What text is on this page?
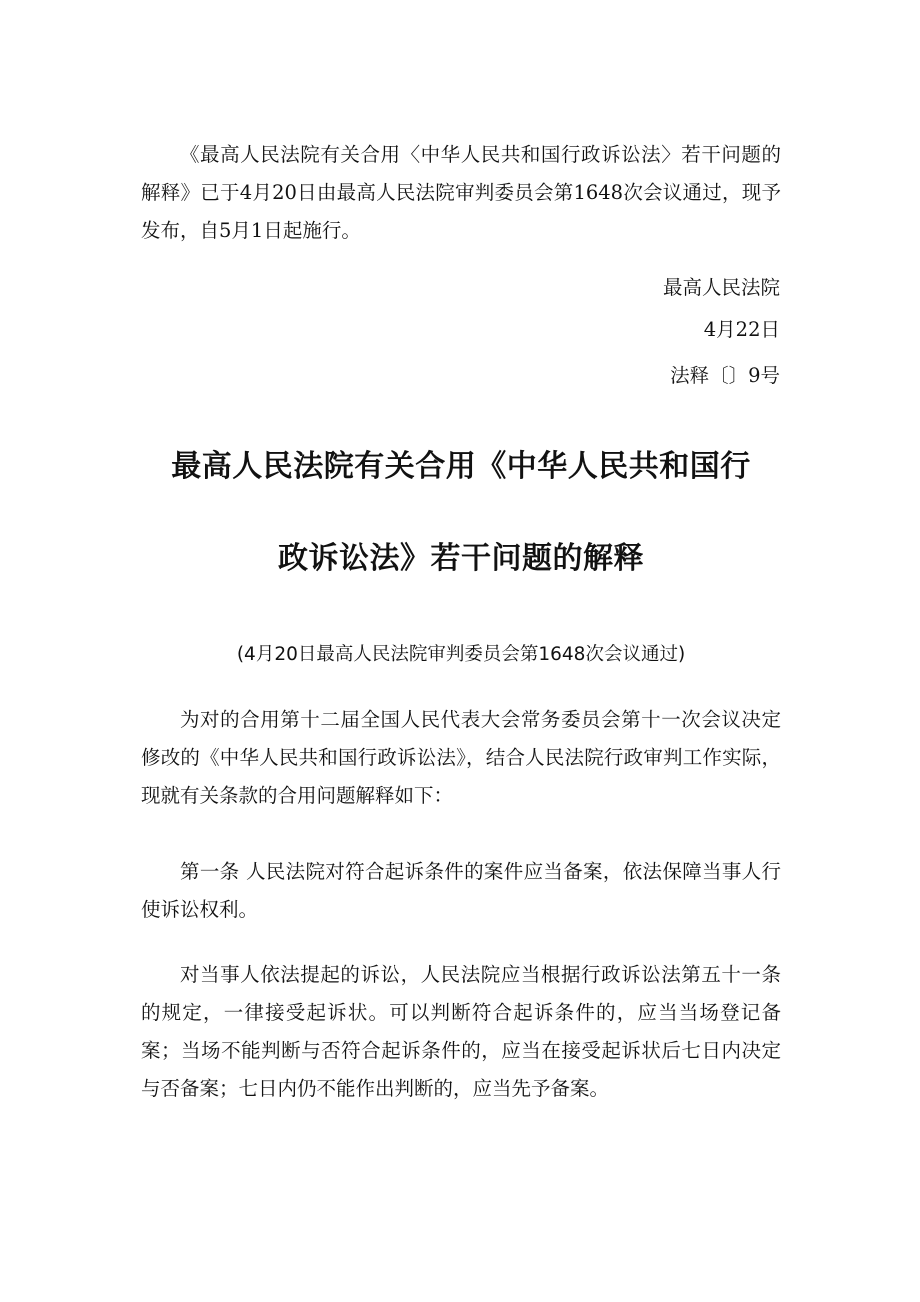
《最高人民法院有关合用〈中华人民共和国行政诉讼法〉若干问题的解释》已于4月20日由最高人民法院审判委员会第1648次会议通过，现予发布，自5月1日起施行。

最高人民法院

4月22日

法释〔〕9号

最高人民法院有关合用《中华人民共和国行
政诉讼法》若干问题的解释

(4月20日最高人民法院审判委员会第1648次会议通过)

为对的合用第十二届全国人民代表大会常务委员会第十一次会议决定修改的《中华人民共和国行政诉讼法》，结合人民法院行政审判工作实际，现就有关条款的合用问题解释如下：

第一条 人民法院对符合起诉条件的案件应当备案，依法保障当事人行使诉讼权利。

对当事人依法提起的诉讼，人民法院应当根据行政诉讼法第五十一条的规定，一律接受起诉状。可以判断符合起诉条件的，应当当场登记备案；当场不能判断与否符合起诉条件的，应当在接受起诉状后七日内决定与否备案；七日内仍不能作出判断的，应当先予备案。
